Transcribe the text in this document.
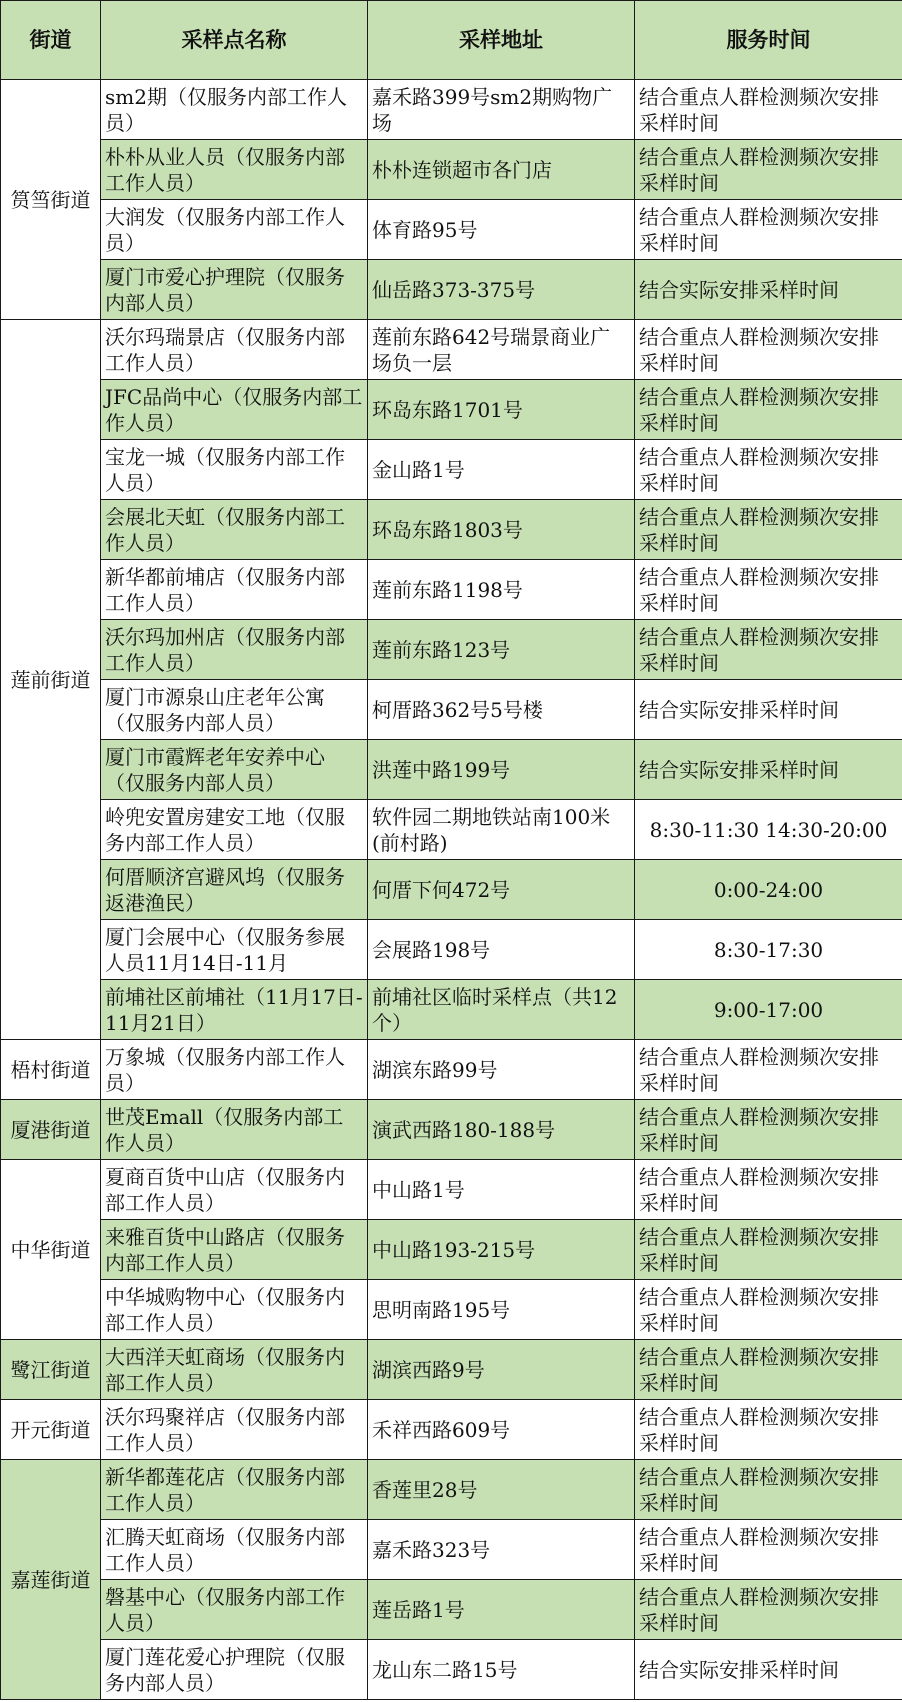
街道	采样点名称	采样地址	服务时间
筼筜街道	sm2期（仅服务内部工作人员）	嘉禾路399号sm2期购物广场	结合重点人群检测频次安排采样时间
	朴朴从业人员（仅服务内部工作人员）	朴朴连锁超市各门店	结合重点人群检测频次安排采样时间
	大润发（仅服务内部工作人员）	体育路95号	结合重点人群检测频次安排采样时间
	厦门市爱心护理院（仅服务内部人员）	仙岳路373-375号	结合实际安排采样时间
莲前街道	沃尔玛瑞景店（仅服务内部工作人员）	莲前东路642号瑞景商业广场负一层	结合重点人群检测频次安排采样时间
	JFC品尚中心（仅服务内部工作人员）	环岛东路1701号	结合重点人群检测频次安排采样时间
	宝龙一城（仅服务内部工作人员）	金山路1号	结合重点人群检测频次安排采样时间
	会展北天虹（仅服务内部工作人员）	环岛东路1803号	结合重点人群检测频次安排采样时间
	新华都前埔店（仅服务内部工作人员）	莲前东路1198号	结合重点人群检测频次安排采样时间
	沃尔玛加州店（仅服务内部工作人员）	莲前东路123号	结合重点人群检测频次安排采样时间
	厦门市源泉山庄老年公寓（仅服务内部人员）	柯厝路362号5号楼	结合实际安排采样时间
	厦门市霞辉老年安养中心（仅服务内部人员）	洪莲中路199号	结合实际安排采样时间
	岭兜安置房建安工地（仅服务内部工作人员）	软件园二期地铁站南100米(前村路)	8:30-11:30 14:30-20:00
	何厝顺济宫避风坞（仅服务返港渔民）	何厝下何472号	0:00-24:00
	厦门会展中心（仅服务参展人员11月14日-11月	会展路198号	8:30-17:30
	前埔社区前埔社（11月17日-11月21日）	前埔社区临时采样点（共12个）	9:00-17:00
梧村街道	万象城（仅服务内部工作人员）	湖滨东路99号	结合重点人群检测频次安排采样时间
厦港街道	世茂Emall（仅服务内部工作人员）	演武西路180-188号	结合重点人群检测频次安排采样时间
中华街道	夏商百货中山店（仅服务内部工作人员）	中山路1号	结合重点人群检测频次安排采样时间
	来雅百货中山路店（仅服务内部工作人员）	中山路193-215号	结合重点人群检测频次安排采样时间
	中华城购物中心（仅服务内部工作人员）	思明南路195号	结合重点人群检测频次安排采样时间
鹭江街道	大西洋天虹商场（仅服务内部工作人员）	湖滨西路9号	结合重点人群检测频次安排采样时间
开元街道	沃尔玛聚祥店（仅服务内部工作人员）	禾祥西路609号	结合重点人群检测频次安排采样时间
嘉莲街道	新华都莲花店（仅服务内部工作人员）	香莲里28号	结合重点人群检测频次安排采样时间
	汇腾天虹商场（仅服务内部工作人员）	嘉禾路323号	结合重点人群检测频次安排采样时间
	磐基中心（仅服务内部工作人员）	莲岳路1号	结合重点人群检测频次安排采样时间
	厦门莲花爱心护理院（仅服务内部人员）	龙山东二路15号	结合实际安排采样时间
